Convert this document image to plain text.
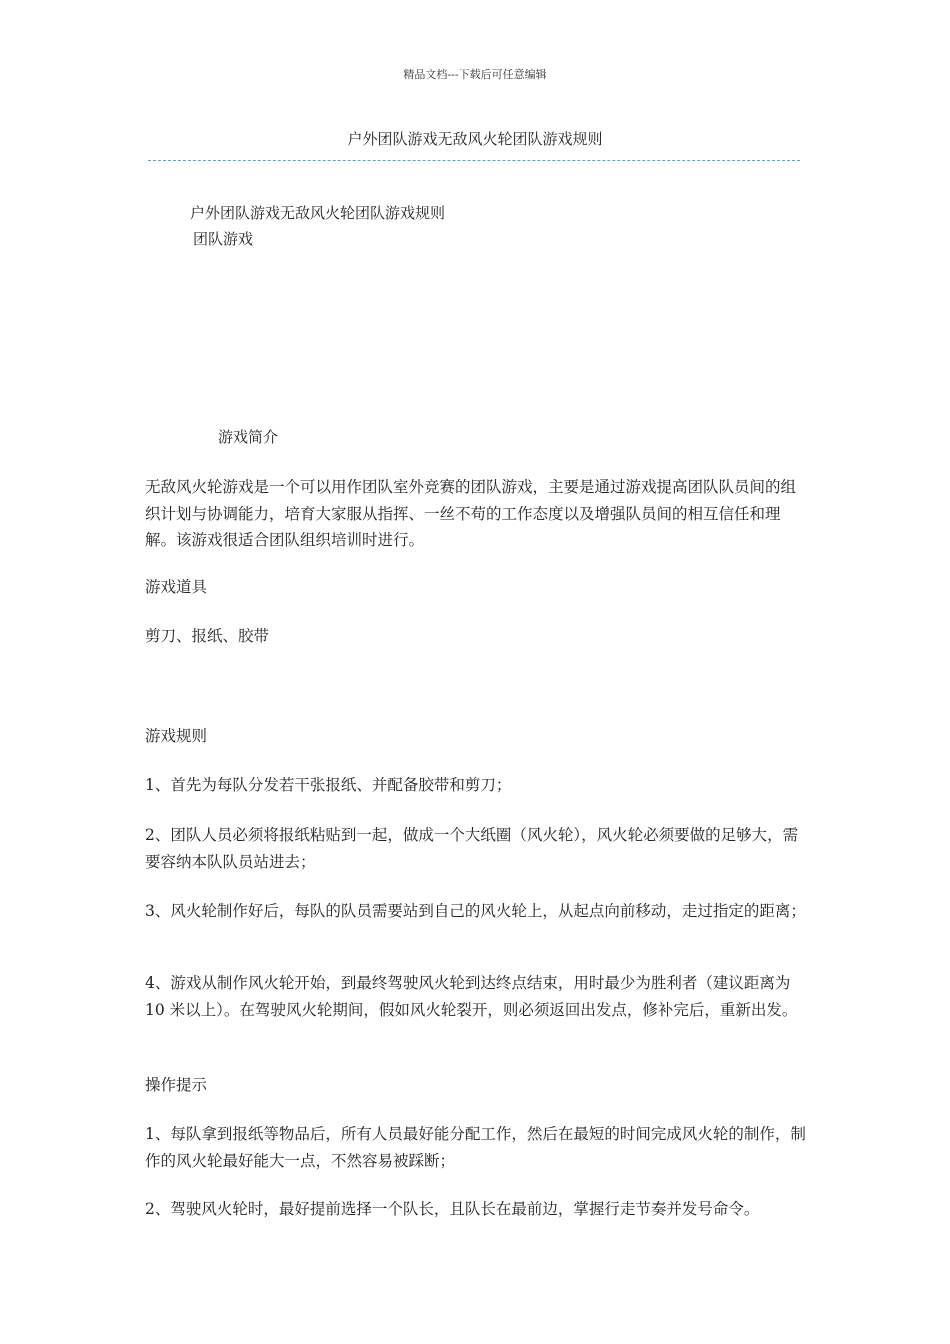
精品文档---下载后可任意编辑
户外团队游戏无敌风火轮团队游戏规则
户外团队游戏无敌风火轮团队游戏规则
团队游戏
游戏简介
无敌风火轮游戏是一个可以用作团队室外竞赛的团队游戏，主要是通过游戏提高团队队员间的组织计划与协调能力，培育大家服从指挥、一丝不苟的工作态度以及增强队员间的相互信任和理解。该游戏很适合团队组织培训时进行。
游戏道具
剪刀、报纸、胶带
游戏规则
1、首先为每队分发若干张报纸、并配备胶带和剪刀；
2、团队人员必须将报纸粘贴到一起，做成一个大纸圈（风火轮），风火轮必须要做的足够大，需要容纳本队队员站进去；
3、风火轮制作好后，每队的队员需要站到自己的风火轮上，从起点向前移动，走过指定的距离；
4、游戏从制作风火轮开始，到最终驾驶风火轮到达终点结束，用时最少为胜利者（建议距离为 10 米以上）。在驾驶风火轮期间，假如风火轮裂开，则必须返回出发点，修补完后，重新出发。
操作提示
1、每队拿到报纸等物品后，所有人员最好能分配工作，然后在最短的时间完成风火轮的制作，制作的风火轮最好能大一点，不然容易被踩断；
2、驾驶风火轮时，最好提前选择一个队长，且队长在最前边，掌握行走节奏并发号命令。
